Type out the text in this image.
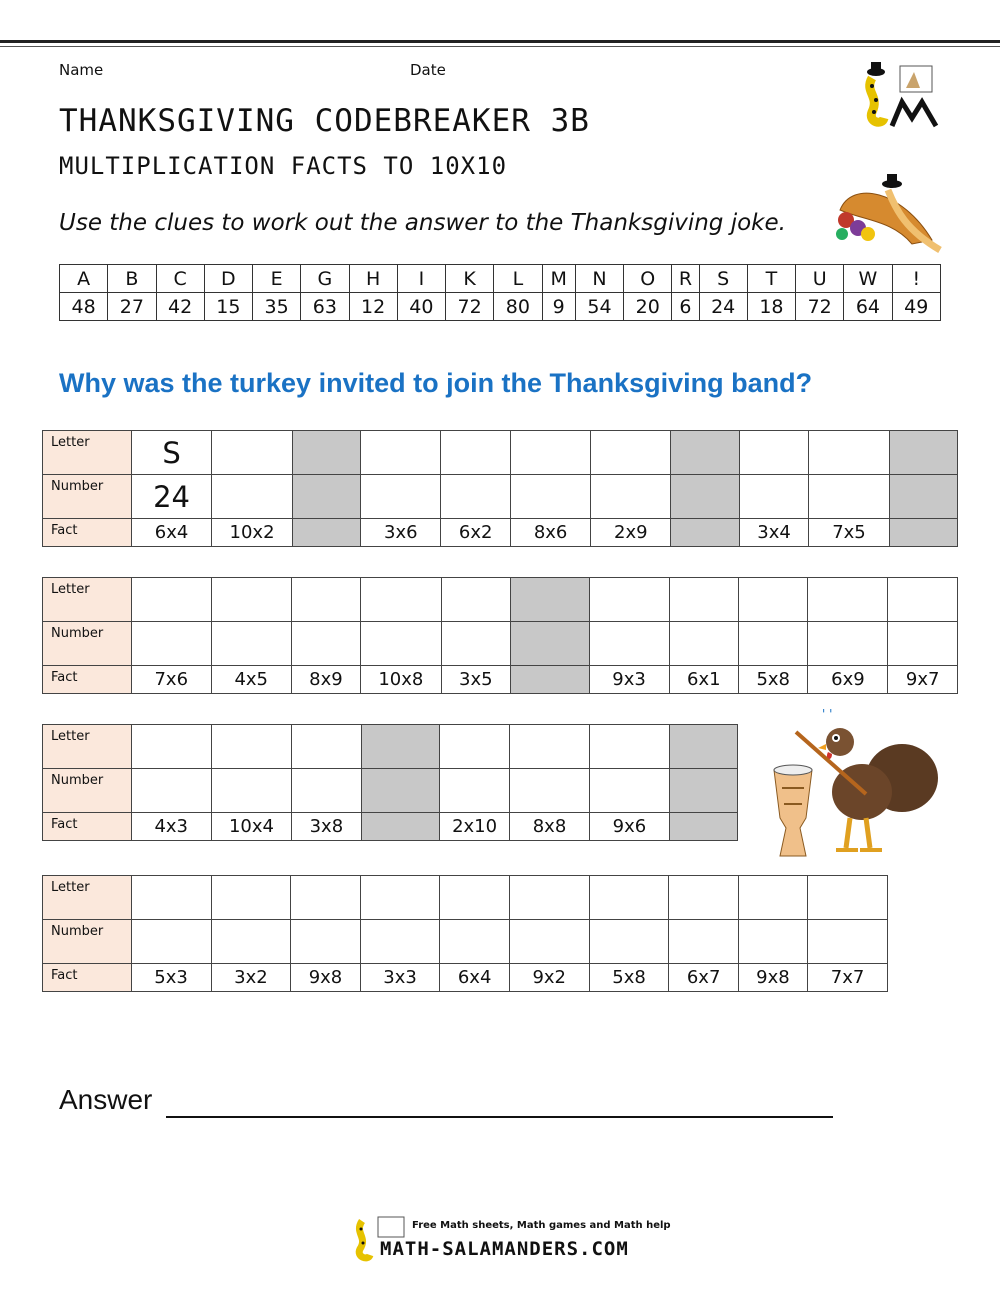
Name	Date
THANKSGIVING CODEBREAKER 3B
MULTIPLICATION FACTS TO 10X10
Use the clues to work out the answer to the Thanksgiving joke.
A	B	C	D	E	G	H	I	K	L	M	N	O	R	S	T	U	W	!
48	27	42	15	35	63	12	40	72	80	9	54	20	6	24	18	72	64	49
Why was the turkey invited to join the Thanksgiving band?
Letter	S										
Number	24										
Fact	6x4	10x2		3x6	6x2	8x6	2x9		3x4	7x5	
Letter											
Number											
Fact	7x6	4x5	8x9	10x8	3x5		9x3	6x1	5x8	6x9	9x7
Letter								
Number								
Fact	4x3	10x4	3x8		2x10	8x8	9x6	
Letter										
Number										
Fact	5x3	3x2	9x8	3x3	6x4	9x2	5x8	6x7	9x8	7x7
' '
Answer
Free Math sheets, Math games and Math help
MATH-SALAMANDERS.COM
